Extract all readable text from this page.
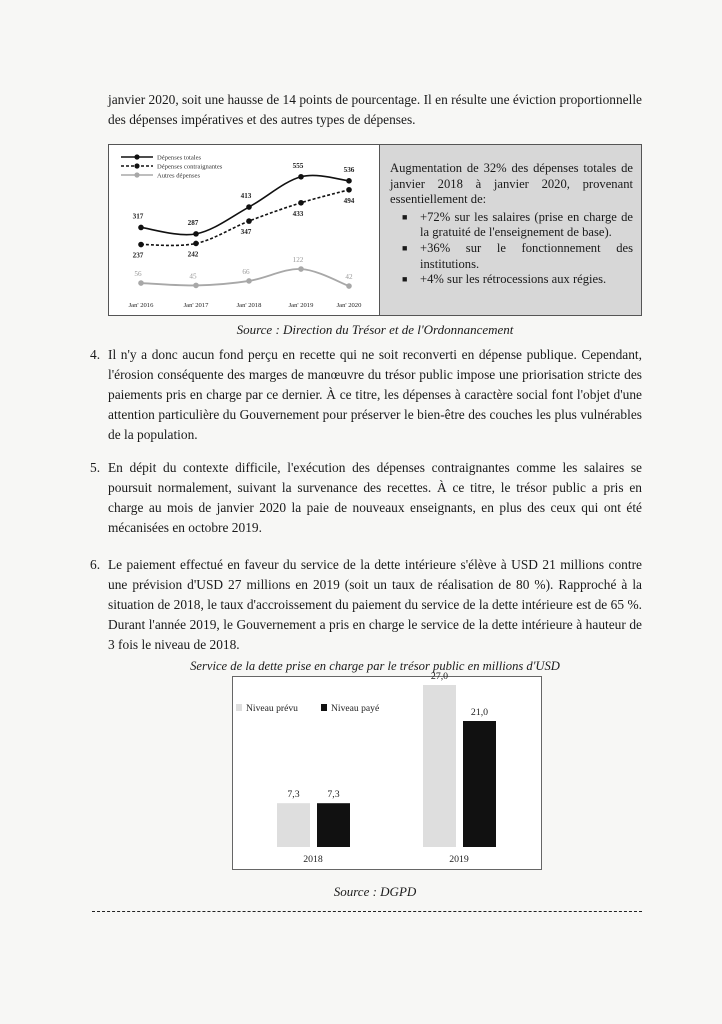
janvier 2020, soit une hausse de 14 points de pourcentage. Il en résulte une éviction proportionnelle des dépenses impératives et des autres types de dépenses.

Dépenses totales
Dépenses contraignantes
Autres dépenses
317
287
413
555
536
237	242
347
433
494
56	45
66
122
42
Jan' 2016	Jan' 2017	Jan' 2018	Jan' 2019	Jan' 2020

Augmentation de 32% des dépenses totales de janvier 2018 à janvier 2020, provenant essentiellement de:

■ +72% sur les salaires (prise en charge de la gratuité de l'enseignement de base).
■ +36% sur le fonctionnement des institutions.
■ +4% sur les rétrocessions aux régies.

Source : Direction du Trésor et de l'Ordonnancement

4. Il n'y a donc aucun fond perçu en recette qui ne soit reconverti en dépense publique. Cependant, l'érosion conséquente des marges de manœuvre du trésor public impose une priorisation stricte des paiements pris en charge par ce dernier. À ce titre, les dépenses à caractère social font l'objet d'une attention particulière du Gouvernement pour préserver le bien-être des couches les plus vulnérables de la population.
5. En dépit du contexte difficile, l'exécution des dépenses contraignantes comme les salaires se poursuit normalement, suivant la survenance des recettes. À ce titre, le trésor public a pris en charge au mois de janvier 2020 la paie de nouveaux enseignants, en plus des ceux qui ont été mécanisées en octobre 2019.
6. Le paiement effectué en faveur du service de la dette intérieure s'élève à USD 21 millions contre une prévision d'USD 27 millions en 2019 (soit un taux de réalisation de 80 %). Rapproché à la situation de 2018, le taux d'accroissement du paiement du service de la dette intérieure est de 65 %. Durant l'année 2019, le Gouvernement a pris en charge le service de la dette intérieure à hauteur de 3 fois le niveau de 2018.

Service de la dette prise en charge par le trésor public en millions d'USD

Niveau prévu	Niveau payé
7,3	7,3
2018
27,0
21,0
2019

Source : DGPD
